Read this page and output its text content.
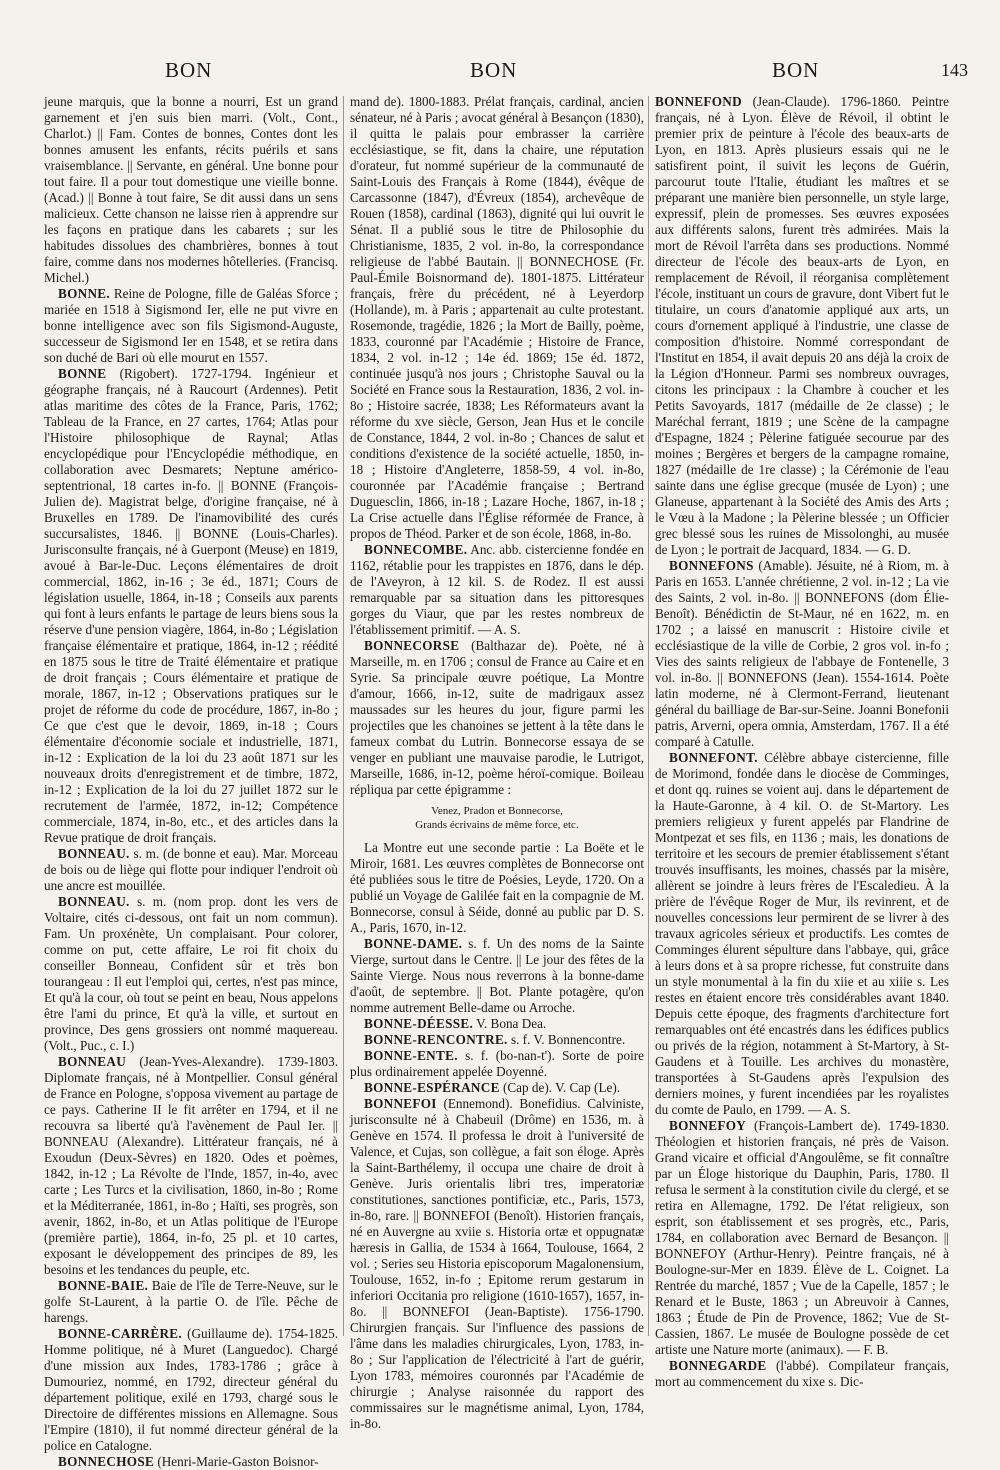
BON	BON	BON	143

jeune marquis, que la bonne a nourri, Est un grand garnement et j'en suis bien marri. (Volt., Cont., Charlot.) || Fam. Contes de bonnes, Contes dont les bonnes amusent les enfants, récits puérils et sans vraisemblance. || Servante, en général. Une bonne pour tout faire. Il a pour tout domestique une vieille bonne. (Acad.) || Bonne à tout faire, Se dit aussi dans un sens malicieux. Cette chanson ne laisse rien à apprendre sur les façons en pratique dans les cabarets ; sur les habitudes dissolues des chambrières, bonnes à tout faire, comme dans nos modernes hôtelleries. (Francisq. Michel.)

BONNE. Reine de Pologne, fille de Galéas Sforce ; mariée en 1518 à Sigismond Ier, elle ne put vivre en bonne intelligence avec son fils Sigismond-Auguste, successeur de Sigismond Ier en 1548, et se retira dans son duché de Bari où elle mourut en 1557.

BONNE (Rigobert). 1727-1794. Ingénieur et géographe français, né à Raucourt (Ardennes). Petit atlas maritime des côtes de la France, Paris, 1762; Tableau de la France, en 27 cartes, 1764; Atlas pour l'Histoire philosophique de Raynal; Atlas encyclopédique pour l'Encyclopédie méthodique, en collaboration avec Desmarets; Neptune américo-septentrional, 18 cartes in-fo. || BONNE (François-Julien de). Magistrat belge, d'origine française, né à Bruxelles en 1789. De l'inamovibilité des curés succursalistes, 1846. || BONNE (Louis-Charles). Jurisconsulte français, né à Guerpont (Meuse) en 1819, avoué à Bar-le-Duc. Leçons élémentaires de droit commercial, 1862, in-16 ; 3e éd., 1871; Cours de législation usuelle, 1864, in-18 ; Conseils aux parents qui font à leurs enfants le partage de leurs biens sous la réserve d'une pension viagère, 1864, in-8o ; Législation française élémentaire et pratique, 1864, in-12 ; réédité en 1875 sous le titre de Traité élémentaire et pratique de droit français ; Cours élémentaire et pratique de morale, 1867, in-12 ; Observations pratiques sur le projet de réforme du code de procédure, 1867, in-8o ; Ce que c'est que le devoir, 1869, in-18 ; Cours élémentaire d'économie sociale et industrielle, 1871, in-12 : Explication de la loi du 23 août 1871 sur les nouveaux droits d'enregistrement et de timbre, 1872, in-12 ; Explication de la loi du 27 juillet 1872 sur le recrutement de l'armée, 1872, in-12; Compétence commerciale, 1874, in-8o, etc., et des articles dans la Revue pratique de droit français.

BONNEAU. s. m. (de bonne et eau). Mar. Morceau de bois ou de liège qui flotte pour indiquer l'endroit où une ancre est mouillée.

BONNEAU. s. m. (nom prop. dont les vers de Voltaire, cités ci-dessous, ont fait un nom commun). Fam. Un proxénète, Un complaisant. Pour colorer, comme on put, cette affaire, Le roi fit choix du conseiller Bonneau, Confident sûr et très bon tourangeau : Il eut l'emploi qui, certes, n'est pas mince, Et qu'à la cour, où tout se peint en beau, Nous appelons être l'ami du prince, Et qu'à la ville, et surtout en province, Des gens grossiers ont nommé maquereau. (Volt., Puc., c. I.)

BONNEAU (Jean-Yves-Alexandre). 1739-1803. Diplomate français, né à Montpellier. Consul général de France en Pologne, s'opposa vivement au partage de ce pays. Catherine II le fit arrêter en 1794, et il ne recouvra sa liberté qu'à l'avènement de Paul Ier. || BONNEAU (Alexandre). Littérateur français, né à Exoudun (Deux-Sèvres) en 1820. Odes et poèmes, 1842, in-12 ; La Révolte de l'Inde, 1857, in-4o, avec carte ; Les Turcs et la civilisation, 1860, in-8o ; Rome et la Méditerranée, 1861, in-8o ; Haïti, ses progrès, son avenir, 1862, in-8o, et un Atlas politique de l'Europe (première partie), 1864, in-fo, 25 pl. et 10 cartes, exposant le développement des principes de 89, les besoins et les tendances du peuple, etc.

BONNE-BAIE. Baie de l'île de Terre-Neuve, sur le golfe St-Laurent, à la partie O. de l'île. Pêche de harengs.

BONNE-CARRÈRE. (Guillaume de). 1754-1825. Homme politique, né à Muret (Languedoc). Chargé d'une mission aux Indes, 1783-1786 ; grâce à Dumouriez, nommé, en 1792, directeur général du département politique, exilé en 1793, chargé sous le Directoire de différentes missions en Allemagne. Sous l'Empire (1810), il fut nommé directeur général de la police en Catalogne.

BONNECHOSE (Henri-Marie-Gaston Boisnor-

mand de). 1800-1883. Prélat français, cardinal, ancien sénateur, né à Paris ; avocat général à Besançon (1830), il quitta le palais pour embrasser la carrière ecclésiastique, se fit, dans la chaire, une réputation d'orateur, fut nommé supérieur de la communauté de Saint-Louis des Français à Rome (1844), évêque de Carcassonne (1847), d'Évreux (1854), archevêque de Rouen (1858), cardinal (1863), dignité qui lui ouvrit le Sénat. Il a publié sous le titre de Philosophie du Christianisme, 1835, 2 vol. in-8o, la correspondance religieuse de l'abbé Bautain. || BONNECHOSE (Fr. Paul-Émile Boisnormand de). 1801-1875. Littérateur français, frère du précédent, né à Leyerdorp (Hollande), m. à Paris ; appartenait au culte protestant. Rosemonde, tragédie, 1826 ; la Mort de Bailly, poème, 1833, couronné par l'Académie ; Histoire de France, 1834, 2 vol. in-12 ; 14e éd. 1869; 15e éd. 1872, continuée jusqu'à nos jours ; Christophe Sauval ou la Société en France sous la Restauration, 1836, 2 vol. in-8o ; Histoire sacrée, 1838; Les Réformateurs avant la réforme du xve siècle, Gerson, Jean Hus et le concile de Constance, 1844, 2 vol. in-8o ; Chances de salut et conditions d'existence de la société actuelle, 1850, in-18 ; Histoire d'Angleterre, 1858-59, 4 vol. in-8o, couronnée par l'Académie française ; Bertrand Duguesclin, 1866, in-18 ; Lazare Hoche, 1867, in-18 ; La Crise actuelle dans l'Église réformée de France, à propos de Théod. Parker et de son école, 1868, in-8o.

BONNECOMBE. Anc. abb. cistercienne fondée en 1162, rétablie pour les trappistes en 1876, dans le dép. de l'Aveyron, à 12 kil. S. de Rodez. Il est aussi remarquable par sa situation dans les pittoresques gorges du Viaur, que par les restes nombreux de l'établissement primitif. — A. S.

BONNECORSE (Balthazar de). Poète, né à Marseille, m. en 1706 ; consul de France au Caire et en Syrie. Sa principale œuvre poétique, La Montre d'amour, 1666, in-12, suite de madrigaux assez maussades sur les heures du jour, figure parmi les projectiles que les chanoines se jettent à la tête dans le fameux combat du Lutrin. Bonnecorse essaya de se venger en publiant une mauvaise parodie, le Lutrigot, Marseille, 1686, in-12, poème héroï-comique. Boileau répliqua par cette épigramme :

Venez, Pradon et Bonnecorse,
Grands écrivains de même force, etc.

La Montre eut une seconde partie : La Boëte et le Miroir, 1681. Les œuvres complètes de Bonnecorse ont été publiées sous le titre de Poésies, Leyde, 1720. On a publié un Voyage de Galilée fait en la compagnie de M. Bonnecorse, consul à Séide, donné au public par D. S. A., Paris, 1670, in-12.

BONNE-DAME. s. f. Un des noms de la Sainte Vierge, surtout dans le Centre. || Le jour des fêtes de la Sainte Vierge. Nous nous reverrons à la bonne-dame d'août, de septembre. || Bot. Plante potagère, qu'on nomme autrement Belle-dame ou Arroche.

BONNE-DÉESSE. V. Bona Dea.

BONNE-RENCONTRE. s. f. V. Bonnencontre.

BONNE-ENTE. s. f. (bo-nan-t'). Sorte de poire plus ordinairement appelée Doyenné.

BONNE-ESPÉRANCE (Cap de). V. Cap (Le).

BONNEFOI (Ennemond). Bonefidius. Calviniste, jurisconsulte né à Chabeuil (Drôme) en 1536, m. à Genève en 1574. Il professa le droit à l'université de Valence, et Cujas, son collègue, a fait son éloge. Après la Saint-Barthélemy, il occupa une chaire de droit à Genève. Juris orientalis libri tres, imperatoriæ constitutiones, sanctiones pontificiæ, etc., Paris, 1573, in-8o, rare. || BONNEFOI (Benoît). Historien français, né en Auvergne au xviie s. Historia ortæ et oppugnatæ hæresis in Gallia, de 1534 à 1664, Toulouse, 1664, 2 vol. ; Series seu Historia episcoporum Magalonensium, Toulouse, 1652, in-fo ; Epitome rerum gestarum in inferiori Occitania pro religione (1610-1657), 1657, in-8o. || BONNEFOI (Jean-Baptiste). 1756-1790. Chirurgien français. Sur l'influence des passions de l'âme dans les maladies chirurgicales, Lyon, 1783, in-8o ; Sur l'application de l'électricité à l'art de guérir, Lyon 1783, mémoires couronnés par l'Académie de chirurgie ; Analyse raisonnée du rapport des commissaires sur le magnétisme animal, Lyon, 1784, in-8o.

BONNEFOND (Jean-Claude). 1796-1860. Peintre français, né à Lyon. Élève de Révoil, il obtint le premier prix de peinture à l'école des beaux-arts de Lyon, en 1813. Après plusieurs essais qui ne le satisfirent point, il suivit les leçons de Guérin, parcourut toute l'Italie, étudiant les maîtres et se préparant une manière bien personnelle, un style large, expressif, plein de promesses. Ses œuvres exposées aux différents salons, furent très admirées. Mais la mort de Révoil l'arrêta dans ses productions. Nommé directeur de l'école des beaux-arts de Lyon, en remplacement de Révoil, il réorganisa complètement l'école, instituant un cours de gravure, dont Vibert fut le titulaire, un cours d'anatomie appliqué aux arts, un cours d'ornement appliqué à l'industrie, une classe de composition d'histoire. Nommé correspondant de l'Institut en 1854, il avait depuis 20 ans déjà la croix de la Légion d'Honneur. Parmi ses nombreux ouvrages, citons les principaux : la Chambre à coucher et les Petits Savoyards, 1817 (médaille de 2e classe) ; le Maréchal ferrant, 1819 ; une Scène de la campagne d'Espagne, 1824 ; Pèlerine fatiguée secourue par des moines ; Bergères et bergers de la campagne romaine, 1827 (médaille de 1re classe) ; la Cérémonie de l'eau sainte dans une église grecque (musée de Lyon) ; une Glaneuse, appartenant à la Société des Amis des Arts ; le Vœu à la Madone ; la Pèlerine blessée ; un Officier grec blessé sous les ruines de Missolonghi, au musée de Lyon ; le portrait de Jacquard, 1834. — G. D.

BONNEFONS (Amable). Jésuite, né à Riom, m. à Paris en 1653. L'année chrétienne, 2 vol. in-12 ; La vie des Saints, 2 vol. in-8o. || BONNEFONS (dom Élie-Benoît). Bénédictin de St-Maur, né en 1622, m. en 1702 ; a laissé en manuscrit : Histoire civile et ecclésiastique de la ville de Corbie, 2 gros vol. in-fo ; Vies des saints religieux de l'abbaye de Fontenelle, 3 vol. in-8o. || BONNEFONS (Jean). 1554-1614. Poète latin moderne, né à Clermont-Ferrand, lieutenant général du bailliage de Bar-sur-Seine. Joanni Bonefonii patris, Arverni, opera omnia, Amsterdam, 1767. Il a été comparé à Catulle.

BONNEFONT. Célèbre abbaye cistercienne, fille de Morimond, fondée dans le diocèse de Comminges, et dont qq. ruines se voient auj. dans le département de la Haute-Garonne, à 4 kil. O. de St-Martory. Les premiers religieux y furent appelés par Flandrine de Montpezat et ses fils, en 1136 ; mais, les donations de territoire et les secours de premier établissement s'étant trouvés insuffisants, les moines, chassés par la misère, allèrent se joindre à leurs frères de l'Escaledieu. À la prière de l'évêque Roger de Mur, ils revinrent, et de nouvelles concessions leur permirent de se livrer à des travaux agricoles sérieux et productifs. Les comtes de Comminges élurent sépulture dans l'abbaye, qui, grâce à leurs dons et à sa propre richesse, fut construite dans un style monumental à la fin du xiie et au xiiie s. Les restes en étaient encore très considérables avant 1840. Depuis cette époque, des fragments d'architecture fort remarquables ont été encastrés dans les édifices publics ou privés de la région, notamment à St-Martory, à St-Gaudens et à Touille. Les archives du monastère, transportées à St-Gaudens après l'expulsion des derniers moines, y furent incendiées par les royalistes du comte de Paulo, en 1799. — A. S.

BONNEFOY (François-Lambert de). 1749-1830. Théologien et historien français, né près de Vaison. Grand vicaire et official d'Angoulême, se fit connaître par un Éloge historique du Dauphin, Paris, 1780. Il refusa le serment à la constitution civile du clergé, et se retira en Allemagne, 1792. De l'état religieux, son esprit, son établissement et ses progrès, etc., Paris, 1784, en collaboration avec Bernard de Besançon. || BONNEFOY (Arthur-Henry). Peintre français, né à Boulogne-sur-Mer en 1839. Élève de L. Coignet. La Rentrée du marché, 1857 ; Vue de la Capelle, 1857 ; le Renard et le Buste, 1863 ; un Abreuvoir à Cannes, 1863 ; Étude de Pin de Provence, 1862; Vue de St-Cassien, 1867. Le musée de Boulogne possède de cet artiste une Nature morte (animaux). — F. B.

BONNEGARDE (l'abbé). Compilateur français, mort au commencement du xixe s. Dic-
